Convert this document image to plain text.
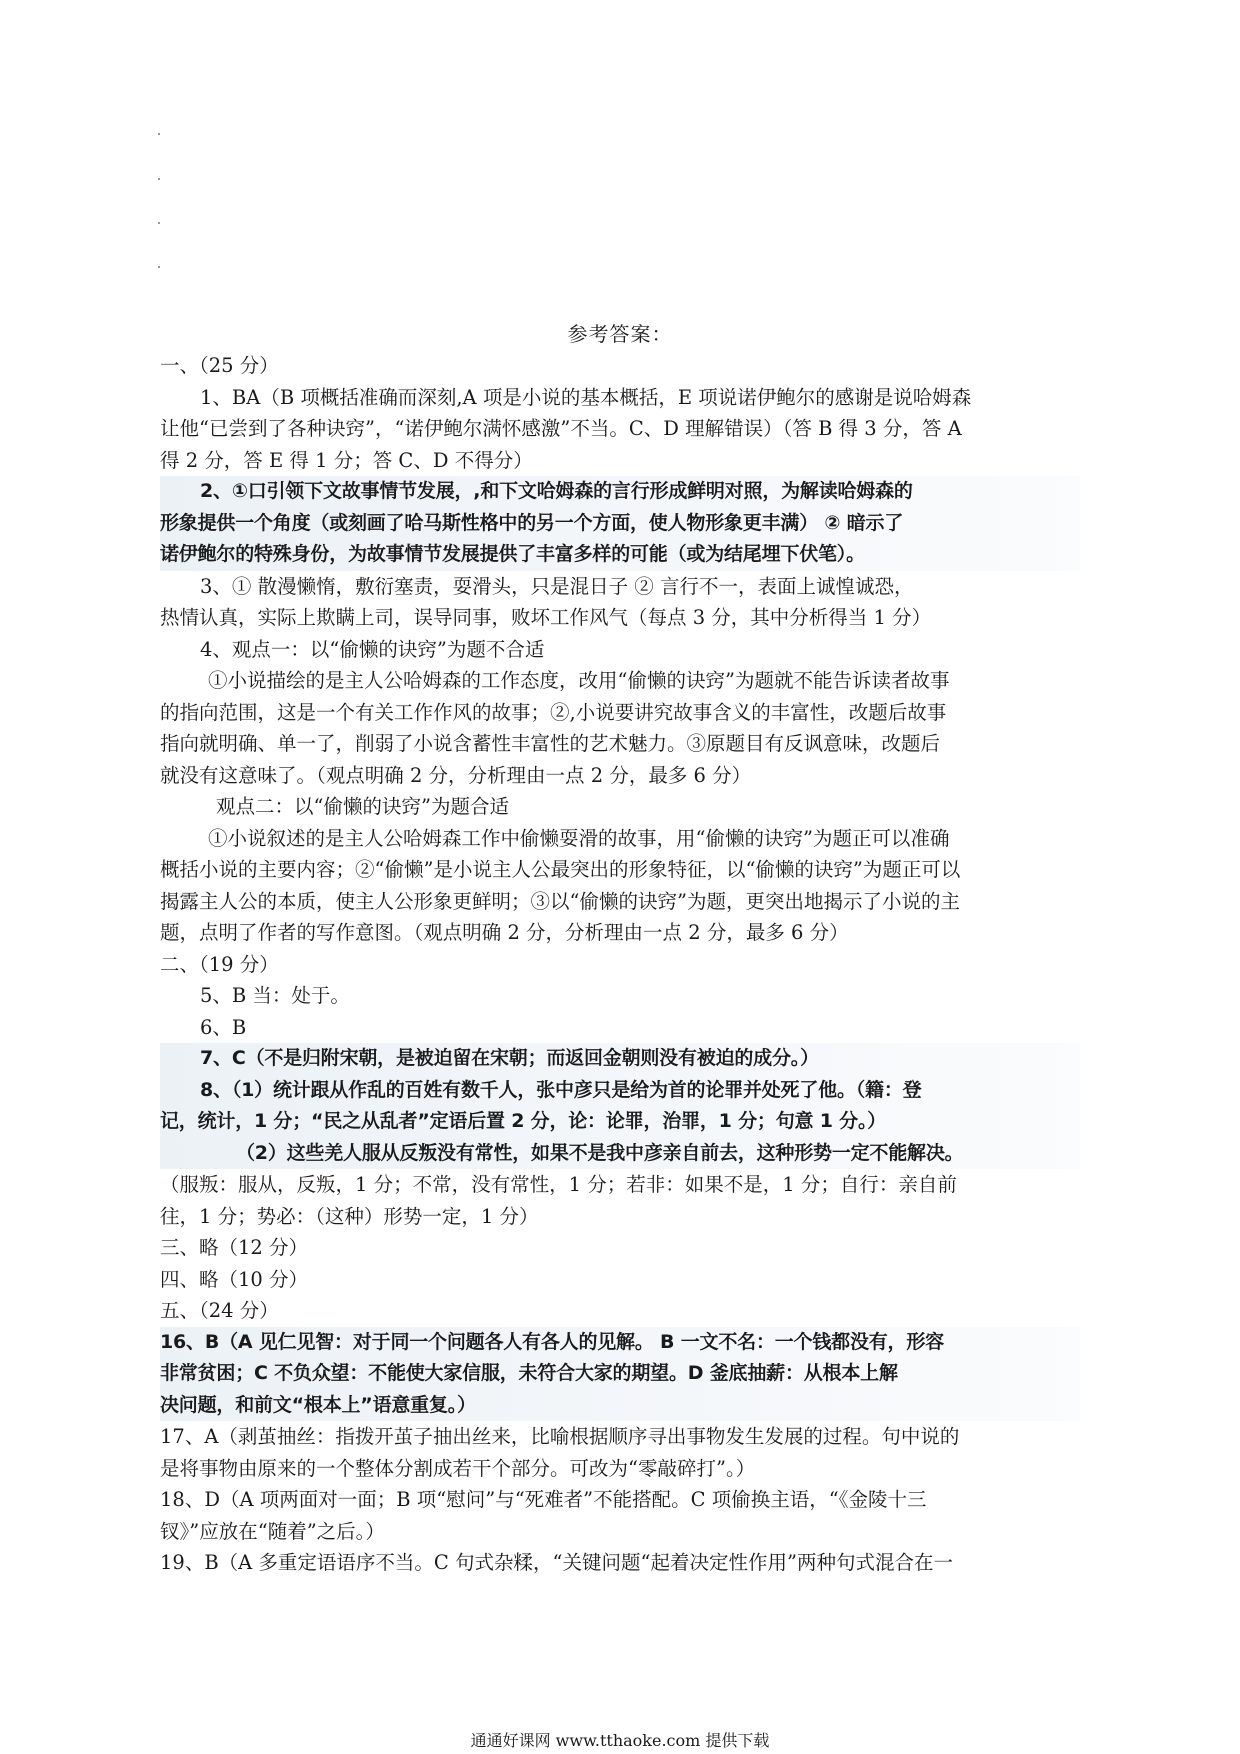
参考答案：
一、（25 分）
1、BA（B 项概括准确而深刻,A 项是小说的基本概括，E 项说诺伊鲍尔的感谢是说哈姆森
让他“已尝到了各种诀窍”，“诺伊鲍尔满怀感激”不当。C、D 理解错误）（答 B 得 3 分，答 A
得 2 分，答 E 得 1 分；答 C、D 不得分）
2、①口引领下文故事情节发展，,和下文哈姆森的言行形成鲜明对照，为解读哈姆森的
形象提供一个角度（或刻画了哈马斯性格中的另一个方面，使人物形象更丰满） ② 暗示了
诺伊鲍尔的特殊身份，为故事情节发展提供了丰富多样的可能（或为结尾埋下伏笔）。
3、① 散漫懒惰，敷衍塞责，耍滑头，只是混日子 ② 言行不一，表面上诚惶诚恐，
热情认真，实际上欺瞒上司，误导同事，败坏工作风气（每点 3 分，其中分析得当 1 分）
4、观点一：以“偷懒的诀窍”为题不合适
①小说描绘的是主人公哈姆森的工作态度，改用“偷懒的诀窍”为题就不能告诉读者故事
的指向范围，这是一个有关工作作风的故事；②,小说要讲究故事含义的丰富性，改题后故事
指向就明确、单一了，削弱了小说含蓄性丰富性的艺术魅力。③原题目有反讽意味，改题后
就没有这意味了。（观点明确 2 分，分析理由一点 2 分，最多 6 分）
观点二：以“偷懒的诀窍”为题合适
①小说叙述的是主人公哈姆森工作中偷懒耍滑的故事，用“偷懒的诀窍”为题正可以准确
概括小说的主要内容；②“偷懒”是小说主人公最突出的形象特征，以“偷懒的诀窍”为题正可以
揭露主人公的本质，使主人公形象更鲜明；③以“偷懒的诀窍”为题，更突出地揭示了小说的主
题，点明了作者的写作意图。（观点明确 2 分，分析理由一点 2 分，最多 6 分）
二、（19 分）
5、B 当：处于。
6、B
7、C（不是归附宋朝，是被迫留在宋朝；而返回金朝则没有被迫的成分。）
8、（1）统计跟从作乱的百姓有数千人，张中彦只是给为首的论罪并处死了他。（籍：登
记，统计，1 分；“民之从乱者”定语后置 2 分，论：论罪，治罪，1 分；句意 1 分。）
（2）这些羌人服从反叛没有常性，如果不是我中彦亲自前去，这种形势一定不能解决。
（服叛：服从，反叛，1 分；不常，没有常性，1 分；若非：如果不是，1 分；自行：亲自前
往，1 分；势必：（这种）形势一定，1 分）
三、略（12 分）
四、略（10 分）
五、（24 分）
16、B（A 见仁见智：对于同一个问题各人有各人的见解。 B 一文不名：一个钱都没有，形容
非常贫困；C 不负众望：不能使大家信服，未符合大家的期望。D 釜底抽薪：从根本上解
决问题，和前文“根本上”语意重复。）
17、A（剥茧抽丝：指拨开茧子抽出丝来，比喻根据顺序寻出事物发生发展的过程。句中说的
是将事物由原来的一个整体分割成若干个部分。可改为“零敲碎打”。）
18、D（A 项两面对一面；B 项“慰问”与“死难者”不能搭配。C 项偷换主语，“《金陵十三
钗》”应放在“随着”之后。）
19、B（A 多重定语语序不当。C 句式杂糅，“关键问题“起着决定性作用”两种句式混合在一
通通好课网 www.tthaoke.com 提供下载
